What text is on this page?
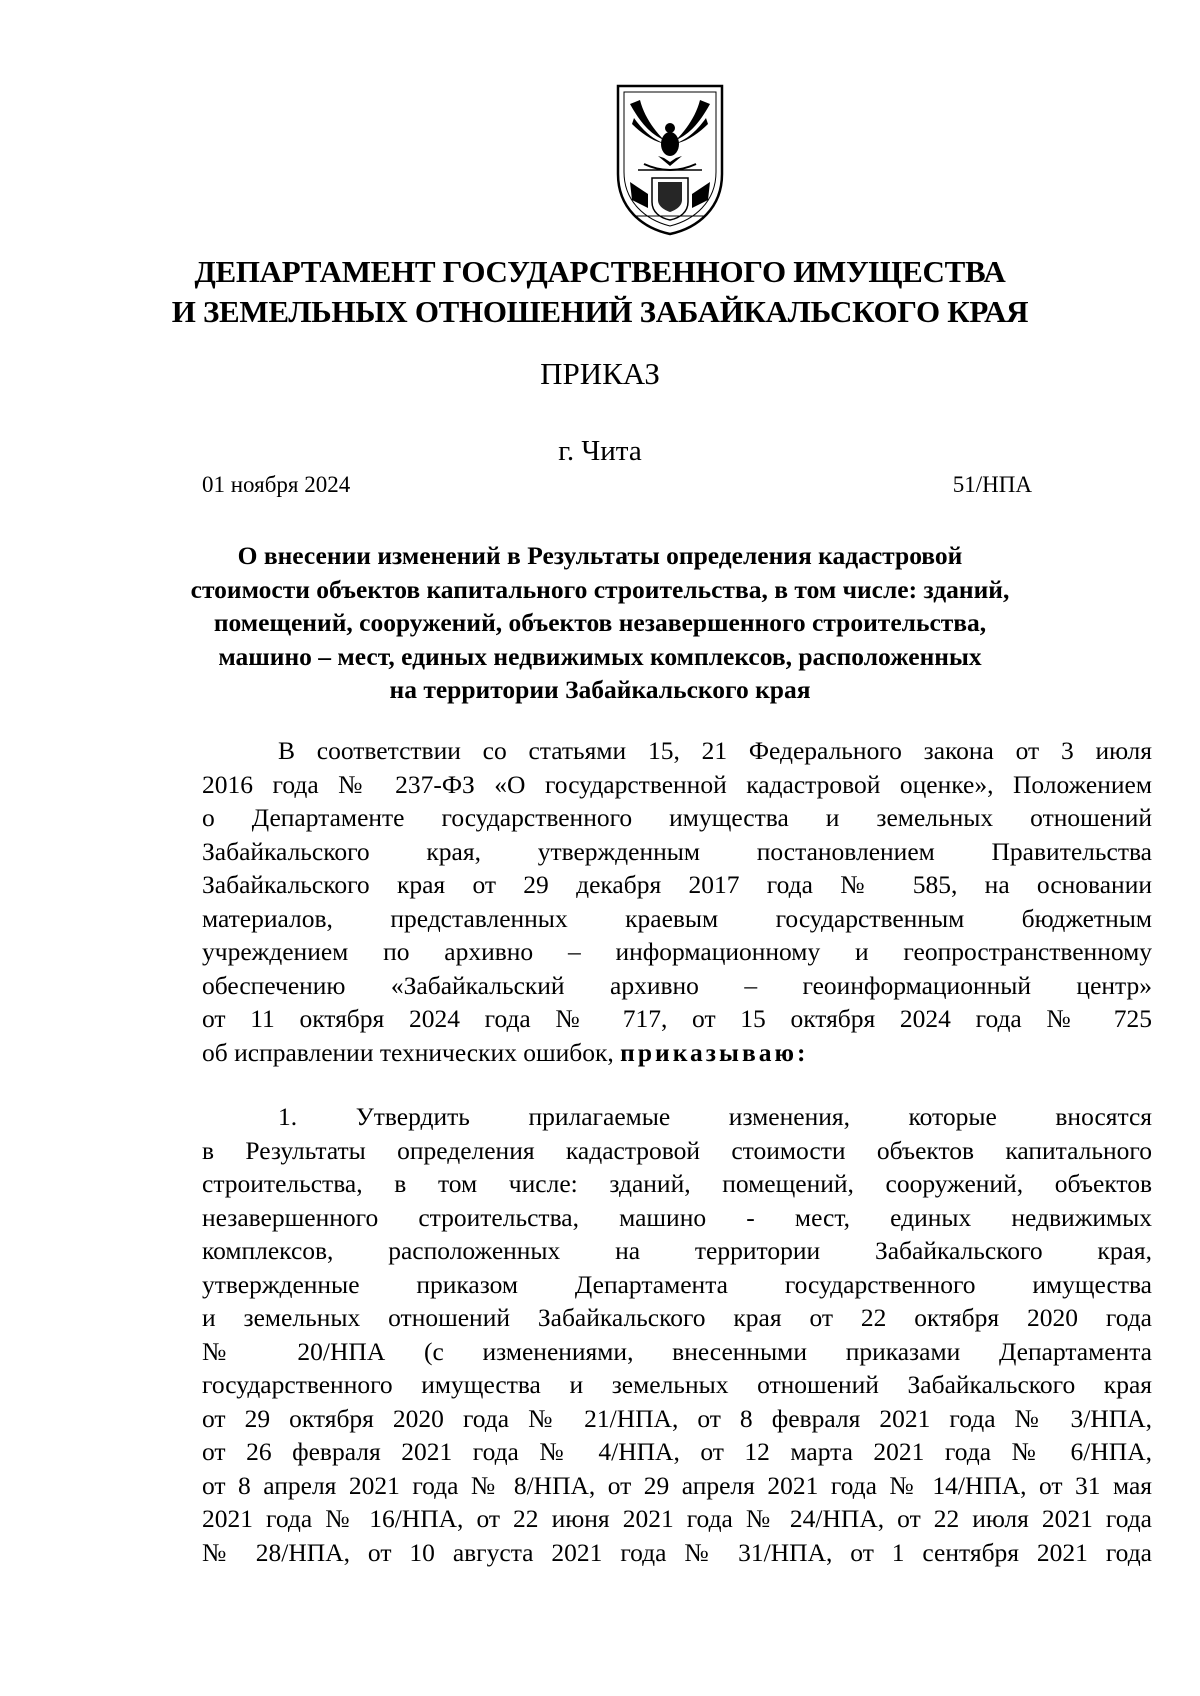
ДЕПАРТАМЕНТ ГОСУДАРСТВЕННОГО ИМУЩЕСТВА
И ЗЕМЕЛЬНЫХ ОТНОШЕНИЙ ЗАБАЙКАЛЬСКОГО КРАЯ
ПРИКАЗ
г. Чита
01 ноября 2024	51/НПА
О внесении изменений в Результаты определения кадастровой
стоимости объектов капитального строительства, в том числе: зданий,
помещений, сооружений, объектов незавершенного строительства,
машино – мест, единых недвижимых комплексов, расположенных
на территории Забайкальского края
В соответствии со статьями 15, 21 Федерального закона от 3 июля
2016 года № 237-ФЗ «О государственной кадастровой оценке», Положением
о Департаменте государственного имущества и земельных отношений
Забайкальского края, утвержденным постановлением Правительства
Забайкальского края от 29 декабря 2017 года № 585, на основании
материалов, представленных краевым государственным бюджетным
учреждением по архивно – информационному и геопространственному
обеспечению «Забайкальский архивно – геоинформационный центр»
от 11 октября 2024 года № 717, от 15 октября 2024 года № 725
об исправлении технических ошибок, приказываю:
1. Утвердить прилагаемые изменения, которые вносятся
в Результаты определения кадастровой стоимости объектов капитального
строительства, в том числе: зданий, помещений, сооружений, объектов
незавершенного строительства, машино - мест, единых недвижимых
комплексов, расположенных на территории Забайкальского края,
утвержденные приказом Департамента государственного имущества
и земельных отношений Забайкальского края от 22 октября 2020 года
№ 20/НПА (с изменениями, внесенными приказами Департамента
государственного имущества и земельных отношений Забайкальского края
от 29 октября 2020 года № 21/НПА, от 8 февраля 2021 года № 3/НПА,
от 26 февраля 2021 года № 4/НПА, от 12 марта 2021 года № 6/НПА,
от 8 апреля 2021 года № 8/НПА, от 29 апреля 2021 года № 14/НПА, от 31 мая
2021 года № 16/НПА, от 22 июня 2021 года № 24/НПА, от 22 июля 2021 года
№ 28/НПА, от 10 августа 2021 года № 31/НПА, от 1 сентября 2021 года
